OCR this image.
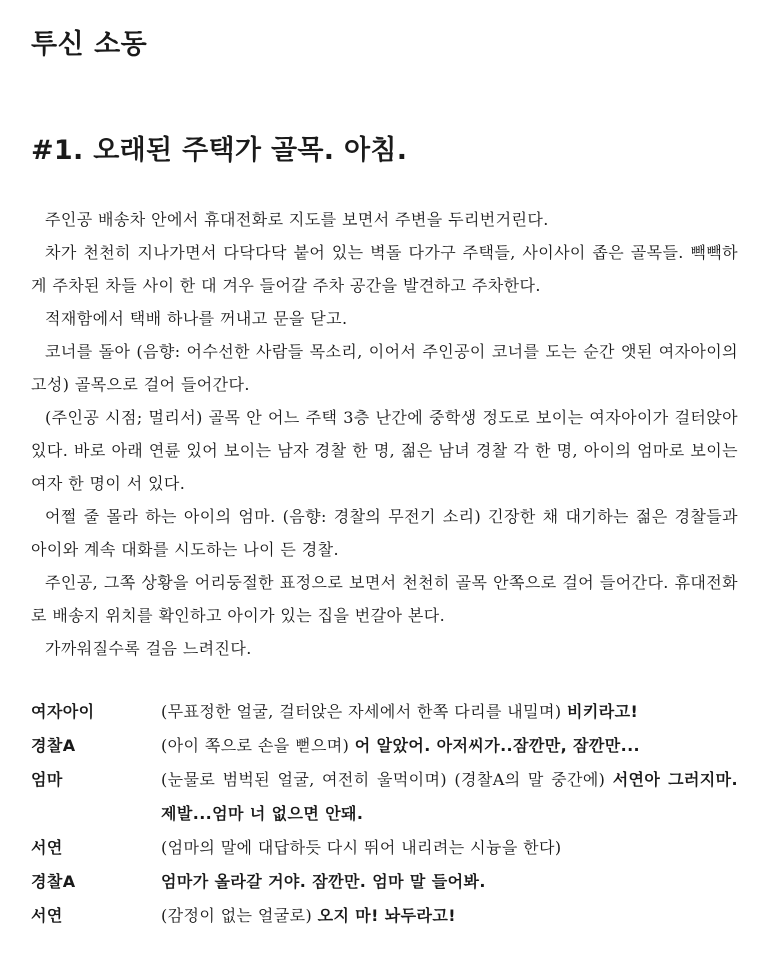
투신 소동
#1. 오래된 주택가 골목. 아침.

주인공 배송차 안에서 휴대전화로 지도를 보면서 주변을 두리번거린다.

차가 천천히 지나가면서 다닥다닥 붙어 있는 벽돌 다가구 주택들, 사이사이 좁은 골목들. 빽빽하게 주차된 차들 사이 한 대 겨우 들어갈 주차 공간을 발견하고 주차한다.

적재함에서 택배 하나를 꺼내고 문을 닫고.

코너를 돌아 (음향: 어수선한 사람들 목소리, 이어서 주인공이 코너를 도는 순간 앳된 여자아이의 고성) 골목으로 걸어 들어간다.

(주인공 시점; 멀리서) 골목 안 어느 주택 3층 난간에 중학생 정도로 보이는 여자아이가 걸터앉아 있다. 바로 아래 연륜 있어 보이는 남자 경찰 한 명, 젊은 남녀 경찰 각 한 명, 아이의 엄마로 보이는 여자 한 명이 서 있다.

어쩔 줄 몰라 하는 아이의 엄마. (음향: 경찰의 무전기 소리) 긴장한 채 대기하는 젊은 경찰들과 아이와 계속 대화를 시도하는 나이 든 경찰.

주인공, 그쪽 상황을 어리둥절한 표정으로 보면서 천천히 골목 안쪽으로 걸어 들어간다. 휴대전화로 배송지 위치를 확인하고 아이가 있는 집을 번갈아 본다.

가까워질수록 걸음 느려진다.

여자아이	(무표정한 얼굴, 걸터앉은 자세에서 한쪽 다리를 내밀며) 비키라고!
경찰A	(아이 쪽으로 손을 뻗으며) 어 알았어. 아저씨가..잠깐만, 잠깐만...
엄마	(눈물로 범벅된 얼굴, 여전히 울먹이며) (경찰A의 말 중간에) 서연아 그러지마. 제발...엄마 너 없으면 안돼.
서연	(엄마의 말에 대답하듯 다시 뛰어 내리려는 시늉을 한다)
경찰A	엄마가 올라갈 거야. 잠깐만. 엄마 말 들어봐.
서연	(감정이 없는 얼굴로) 오지 마! 놔두라고!
